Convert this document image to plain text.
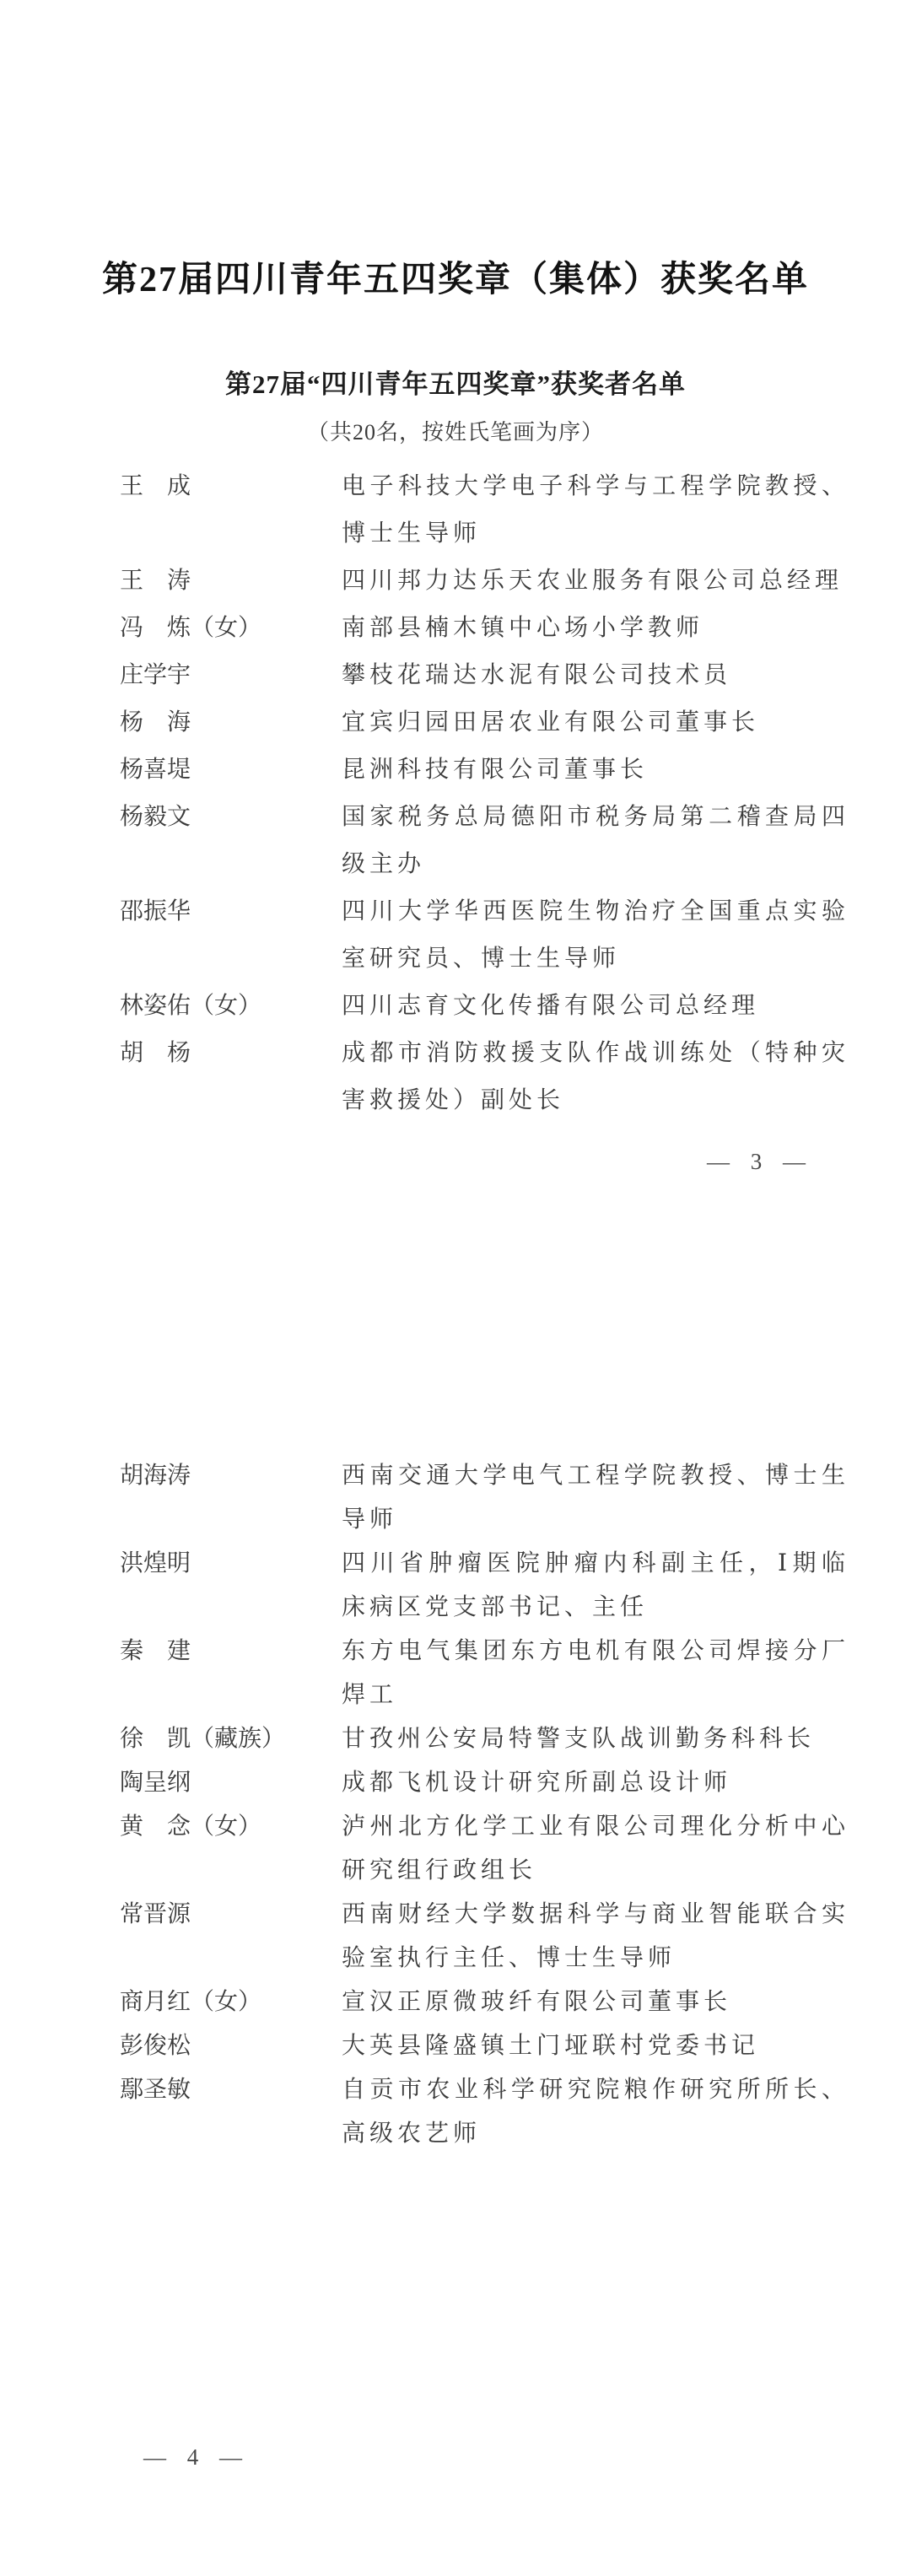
第27届四川青年五四奖章（集体）获奖名单
第27届“四川青年五四奖章”获奖者名单
（共20名，按姓氏笔画为序）
王　成	电子科技大学电子科学与工程学院教授、博士生导师
王　涛	四川邦力达乐天农业服务有限公司总经理
冯　炼（女）	南部县楠木镇中心场小学教师
庄学宇	攀枝花瑞达水泥有限公司技术员
杨　海	宜宾归园田居农业有限公司董事长
杨喜堤	昆洲科技有限公司董事长
杨毅文	国家税务总局德阳市税务局第二稽查局四级主办
邵振华	四川大学华西医院生物治疗全国重点实验室研究员、博士生导师
林姿佑（女）	四川志育文化传播有限公司总经理
胡　杨	成都市消防救援支队作战训练处（特种灾害救援处）副处长
— 3 —
胡海涛	西南交通大学电气工程学院教授、博士生导师
洪煌明	四川省肿瘤医院肿瘤内科副主任，Ⅰ期临床病区党支部书记、主任
秦　建	东方电气集团东方电机有限公司焊接分厂焊工
徐　凯（藏族）	甘孜州公安局特警支队战训勤务科科长
陶呈纲	成都飞机设计研究所副总设计师
黄　念（女）	泸州北方化学工业有限公司理化分析中心研究组行政组长
常晋源	西南财经大学数据科学与商业智能联合实验室执行主任、博士生导师
商月红（女）	宣汉正原微玻纤有限公司董事长
彭俊松	大英县隆盛镇土门垭联村党委书记
鄢圣敏	自贡市农业科学研究院粮作研究所所长、高级农艺师
— 4 —
